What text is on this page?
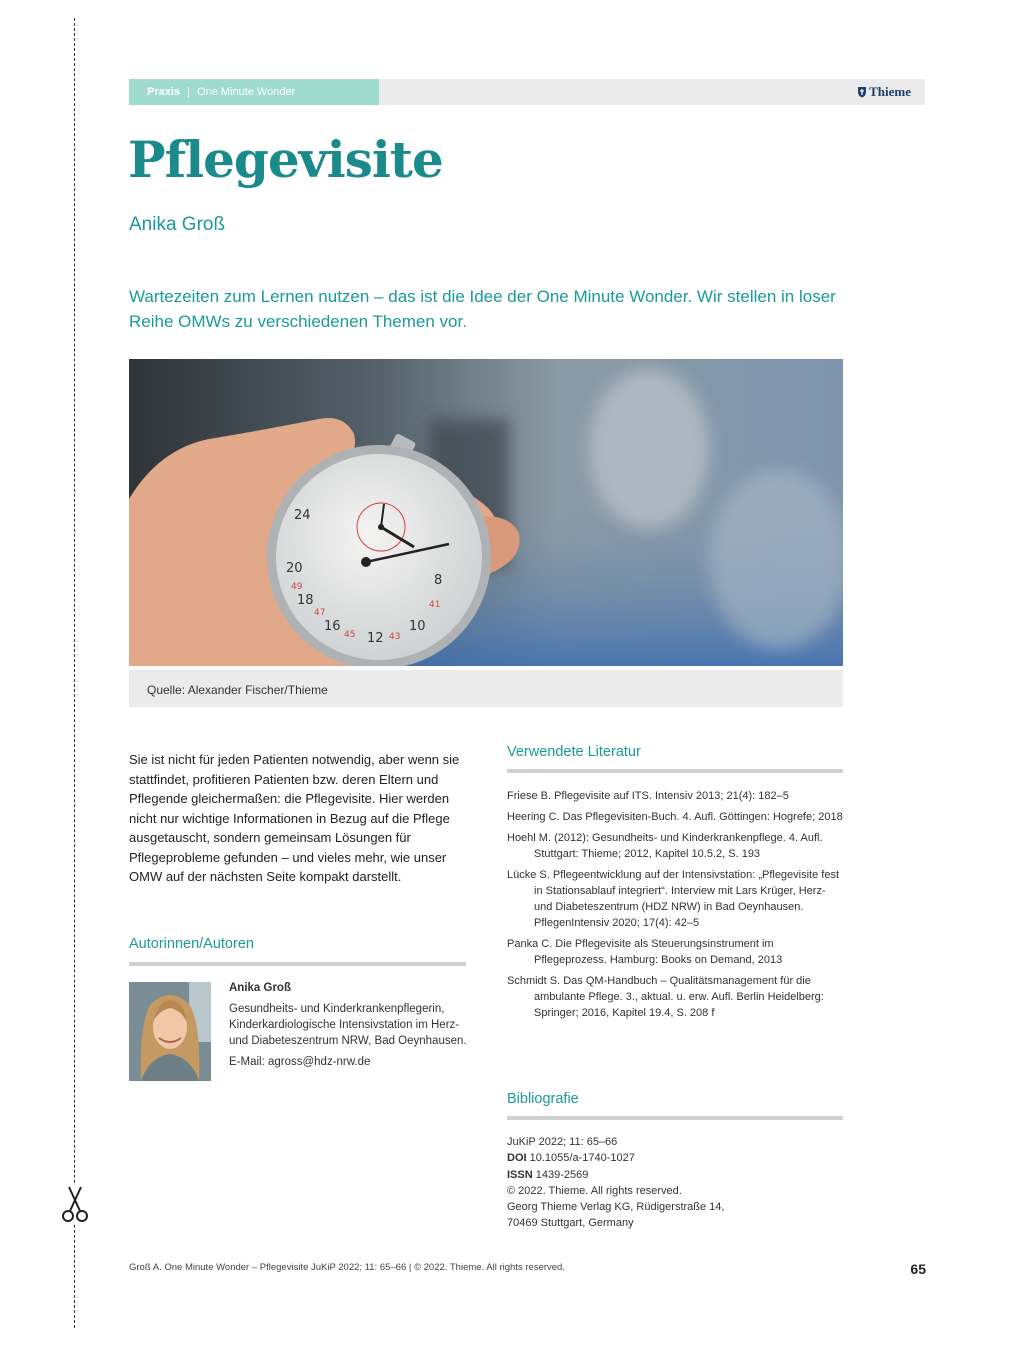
Praxis | One Minute Wonder	Thieme
Pflegevisite
Anika Groß

Wartezeiten zum Lernen nutzen – das ist die Idee der One Minute Wonder. Wir stellen in loser Reihe OMWs zu verschiedenen Themen vor.

24
20
18
16
12
10
8
49
47
45	43
41
Quelle: Alexander Fischer/Thieme

Sie ist nicht für jeden Patienten notwendig, aber wenn sie stattfindet, profitieren Patienten bzw. deren Eltern und Pflegende gleichermaßen: die Pflegevisite. Hier werden nicht nur wichtige Informationen in Bezug auf die Pflege ausgetauscht, sondern gemeinsam Lösungen für Pflegeprobleme gefunden – und vieles mehr, wie unser OMW auf der nächsten Seite kompakt darstellt.

Autorinnen/Autoren
Anika Groß
Gesundheits- und Kinderkrankenpflegerin, Kinderkardiologische Intensivstation im Herz- und Diabeteszentrum NRW, Bad Oeynhausen.
E-Mail: agross@hdz-nrw.de
Verwendete Literatur
Friese B. Pflegevisite auf ITS. Intensiv 2013; 21(4): 182–5
Heering C. Das Pflegevisiten-Buch. 4. Aufl. Göttingen: Hogrefe; 2018
Hoehl M. (2012): Gesundheits- und Kinderkrankenpflege. 4. Aufl. Stuttgart: Thieme; 2012, Kapitel 10.5.2, S. 193
Lücke S. Pflegeentwicklung auf der Intensivstation: „Pflegevisite fest in Stationsablauf integriert“. Interview mit Lars Krüger, Herz- und Diabeteszentrum (HDZ NRW) in Bad Oeynhausen. PflegenIntensiv 2020; 17(4): 42–5
Panka C. Die Pflegevisite als Steuerungsinstrument im Pflegeprozess. Hamburg: Books on Demand, 2013
Schmidt S. Das QM-Handbuch – Qualitätsmanagement für die ambulante Pflege. 3., aktual. u. erw. Aufl. Berlin Heidelberg: Springer; 2016, Kapitel 19.4, S. 208 f
Bibliografie
JuKiP 2022; 11: 65–66
DOI 10.1055/a-1740-1027
ISSN 1439-2569
© 2022. Thieme. All rights reserved.
Georg Thieme Verlag KG, Rüdigerstraße 14,
70469 Stuttgart, Germany
Groß A. One Minute Wonder – Pflegevisite JuKiP 2022; 11: 65–66 | © 2022. Thieme. All rights reserved.	65
